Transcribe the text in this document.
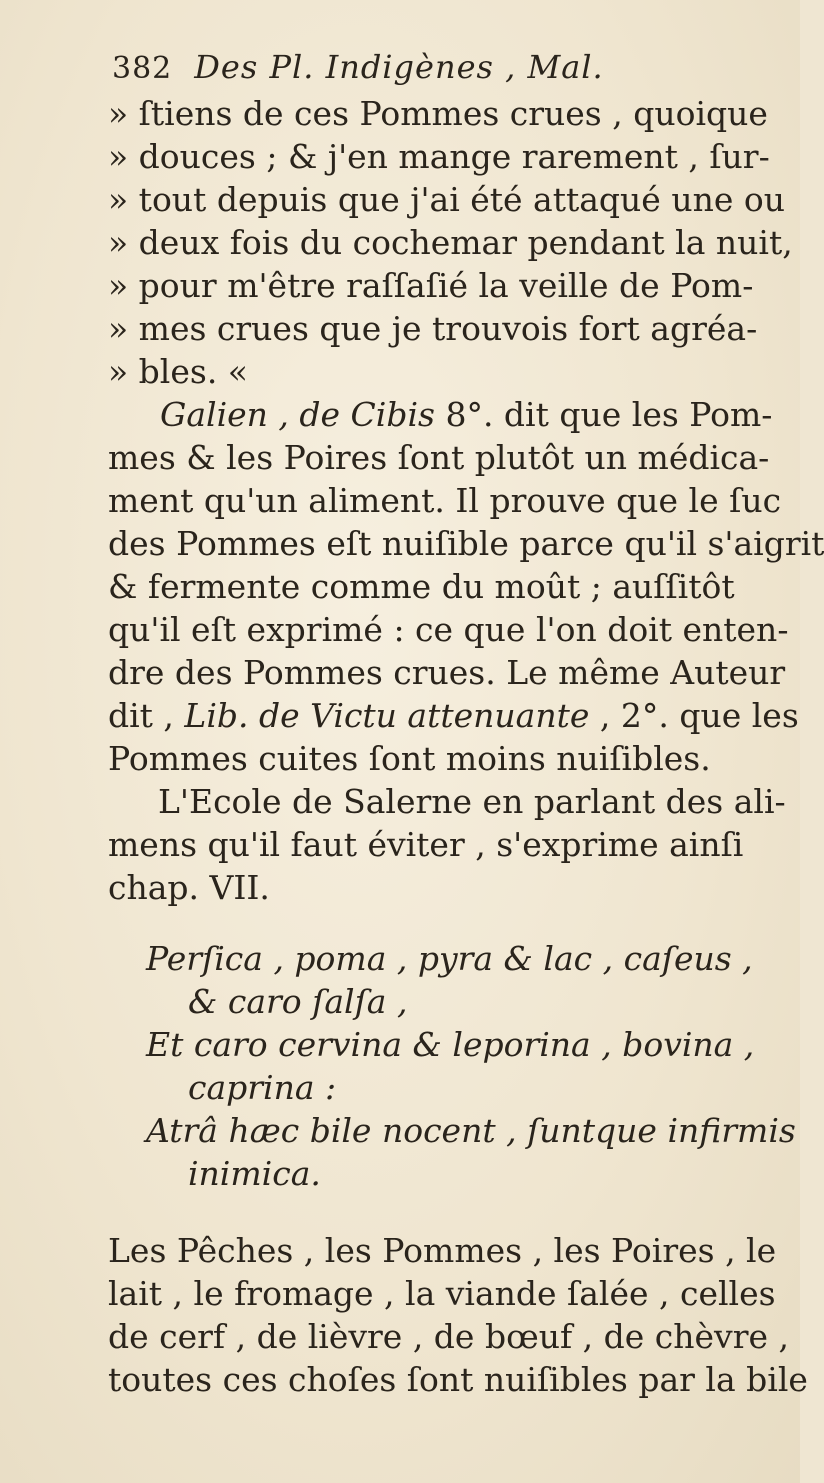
382 Des Pl. Indigènes , Mal.
» ſtiens de ces Pommes crues , quoique
» douces ; & j'en mange rarement , ſur-
» tout depuis que j'ai été attaqué une ou
» deux fois du cochemar pendant la nuit,
» pour m'être raſſaſié la veille de Pom-
» mes crues que je trouvois fort agréa-
» bles. «
Galien , de Cibis 8°. dit que les Pom-
mes & les Poires ſont plutôt un médica-
ment qu'un aliment. Il prouve que le ſuc
des Pommes eſt nuiſible parce qu'il s'aigrit
& fermente comme du moût ; auſſitôt
qu'il eſt exprimé : ce que l'on doit enten-
dre des Pommes crues. Le même Auteur
dit , Lib. de Victu attenuante , 2°. que les
Pommes cuites ſont moins nuiſibles.
L'Ecole de Salerne en parlant des ali-
mens qu'il faut éviter , s'exprime ainſi
chap. VII.
Perſica , poma , pyra & lac , caſeus ,
& caro ſalſa ,
Et caro cervina & leporina , bovina ,
caprina :
Atrâ hæc bile nocent , ſuntque infirmis
inimica.
Les Pêches , les Pommes , les Poires , le
lait , le fromage , la viande ſalée , celles
de cerf , de lièvre , de bœuf , de chèvre ,
toutes ces choſes ſont nuiſibles par la bile
